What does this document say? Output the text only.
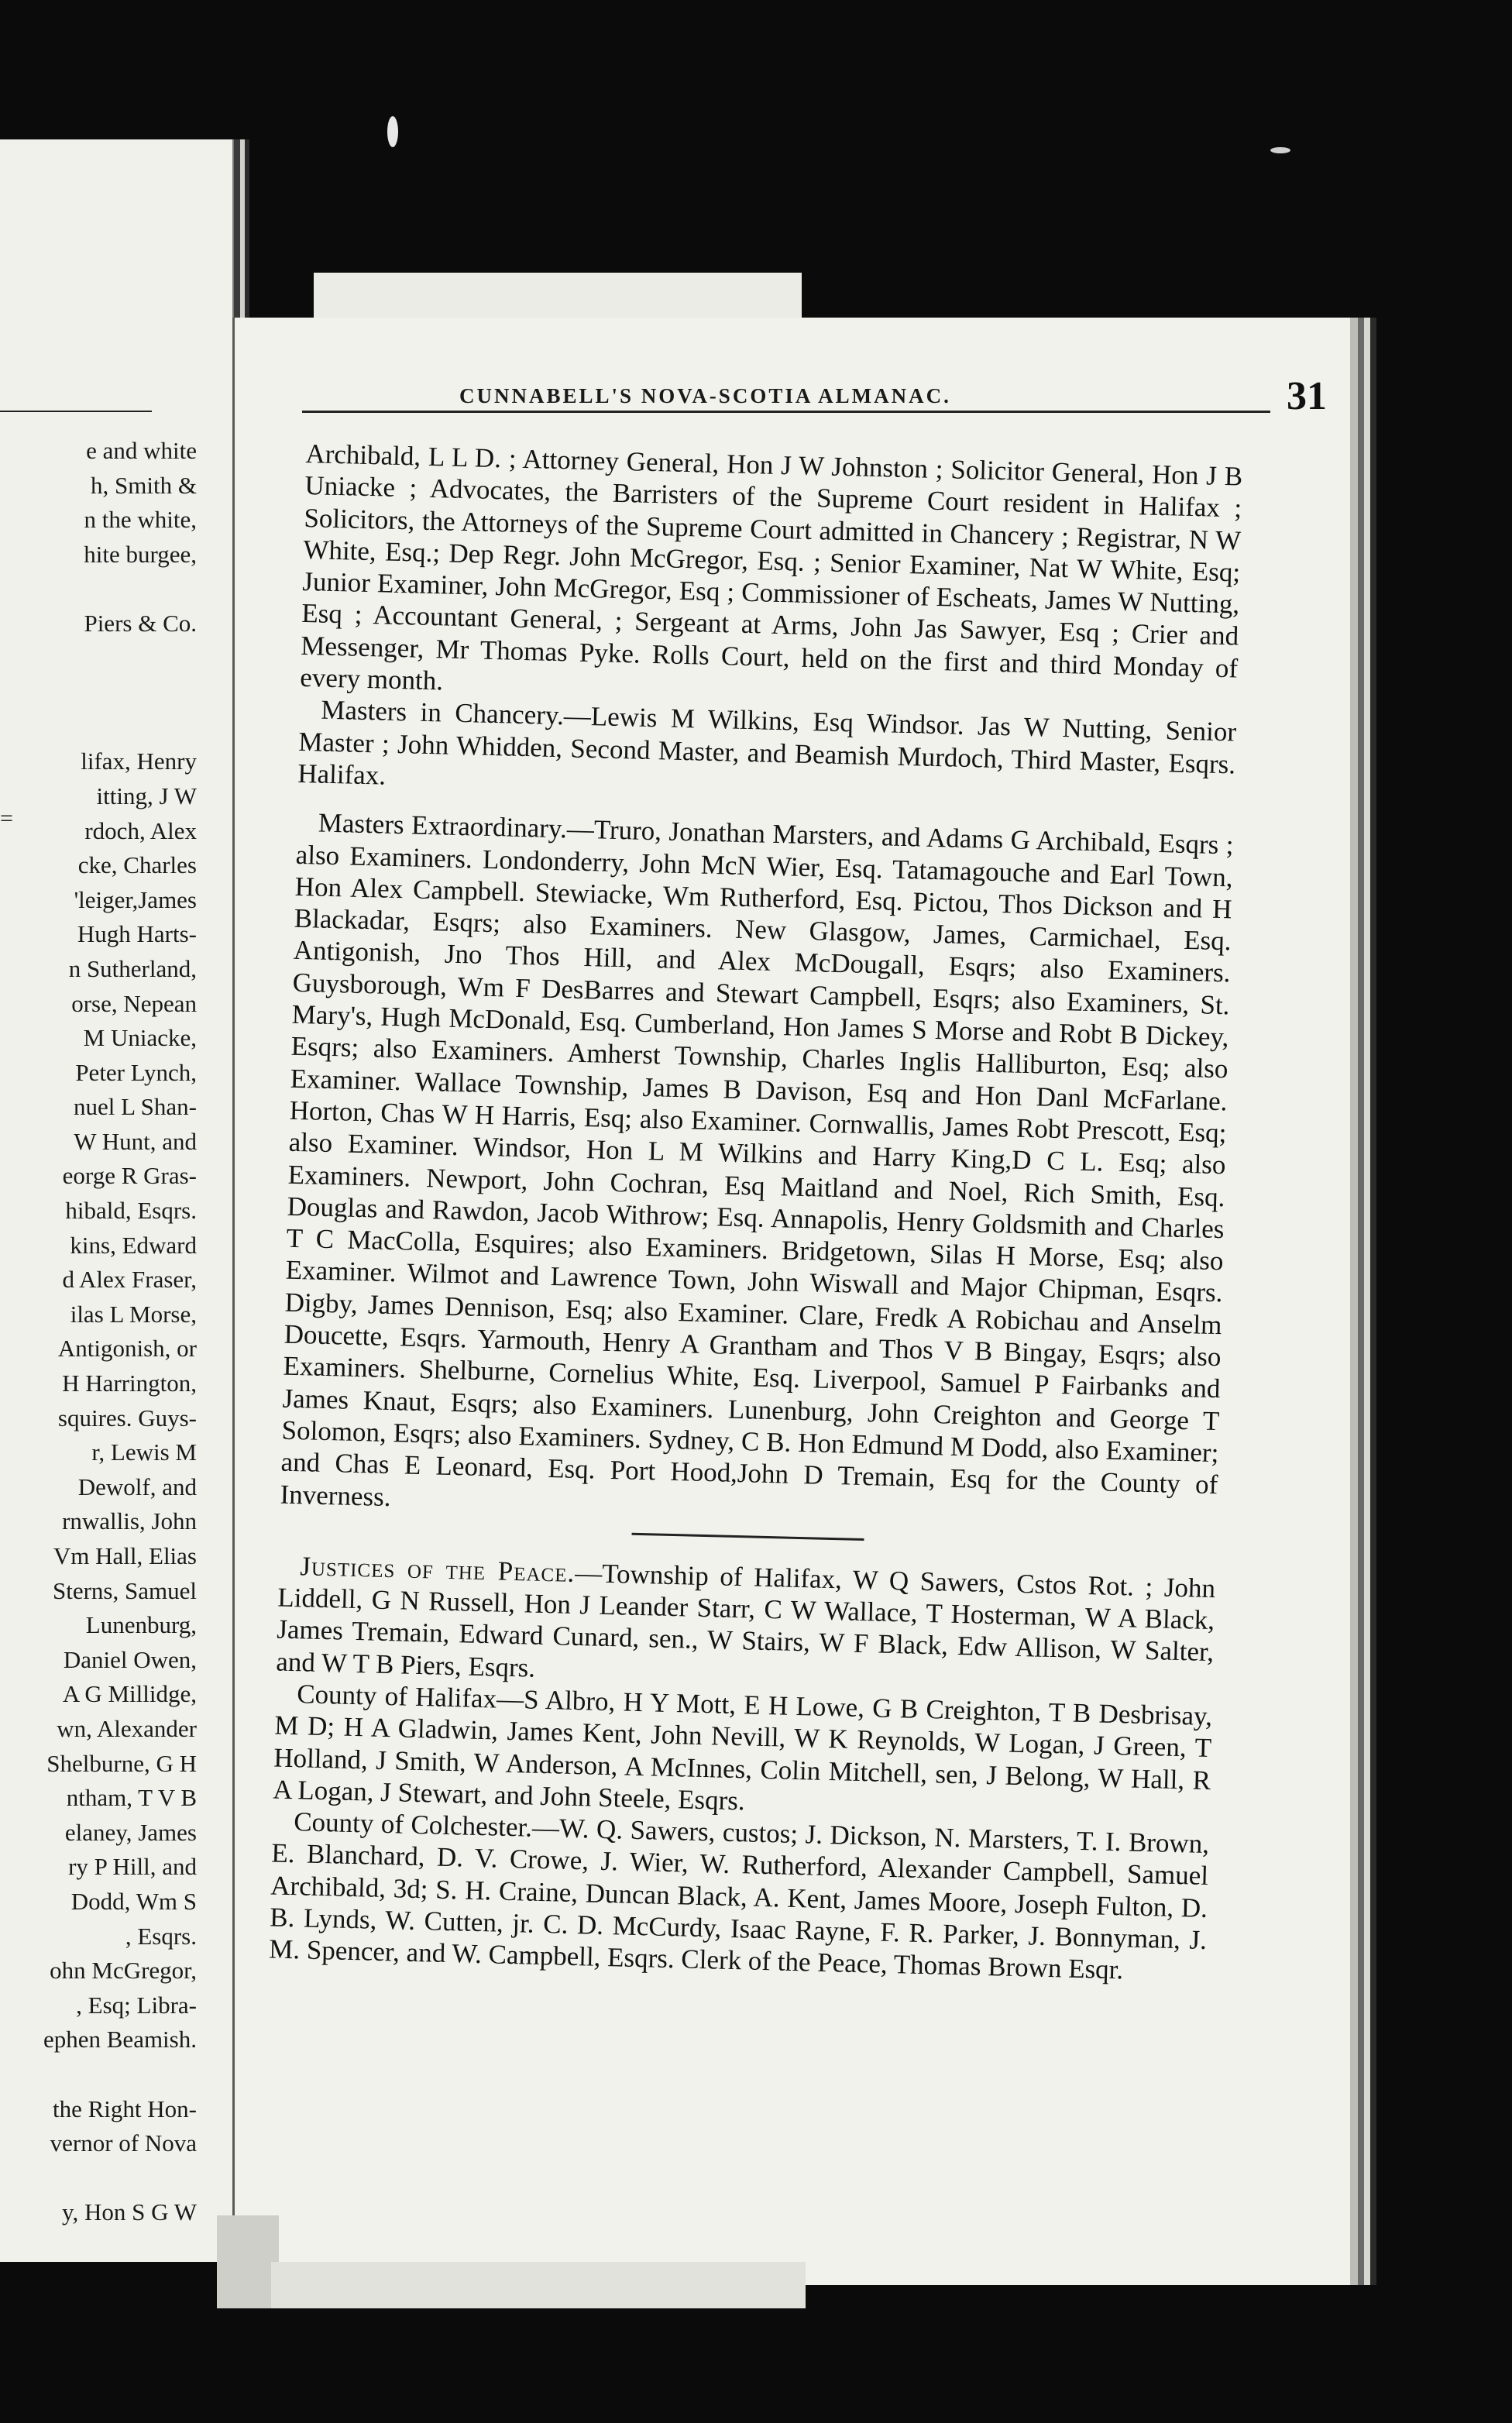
e and white
h, Smith &
n the white,
hite burgee,
Piers & Co.
lifax, Henry
itting, J W
rdoch, Alex
cke, Charles
'leiger,James
Hugh Harts-
n Sutherland,
orse, Nepean
M Uniacke,
Peter Lynch,
nuel L Shan-
W Hunt, and
eorge R Gras-
hibald, Esqrs.
kins, Edward
d Alex Fraser,
ilas L Morse,
Antigonish, or
H Harrington,
squires. Guys-
r, Lewis M
Dewolf, and
rnwallis, John
Vm Hall, Elias
Sterns, Samuel
Lunenburg,
Daniel Owen,
A G Millidge,
wn, Alexander
Shelburne, G H
ntham, T V B
elaney, James
ry P Hill, and
Dodd, Wm S
, Esqrs.
ohn McGregor,
, Esq; Libra-
ephen Beamish.
the Right Hon-
vernor of Nova
y, Hon S G W
=
CUNNABELL'S NOVA-SCOTIA ALMANAC.	31

Archibald, L L D. ; Attorney General, Hon J W Johnston ; Solicitor General, Hon J B Uniacke ; Advocates, the Barristers of the Supreme Court resident in Halifax ; Solicitors, the Attorneys of the Supreme Court admitted in Chancery ; Registrar, N W White, Esq.; Dep Regr. John McGregor, Esq. ; Senior Examiner, Nat W White, Esq; Junior Examiner, John McGregor, Esq ; Commissioner of Escheats, James W Nutting, Esq ; Accountant General, ; Sergeant at Arms, John Jas Sawyer, Esq ; Crier and Messenger, Mr Thomas Pyke. Rolls Court, held on the first and third Monday of every month.

Masters in Chancery.—Lewis M Wilkins, Esq Windsor. Jas W Nutting, Senior Master ; John Whidden, Second Master, and Beamish Murdoch, Third Master, Esqrs. Halifax.

Masters Extraordinary.—Truro, Jonathan Marsters, and Adams G Archibald, Esqrs ; also Examiners. Londonderry, John McN Wier, Esq. Tatamagouche and Earl Town, Hon Alex Campbell. Stewiacke, Wm Rutherford, Esq. Pictou, Thos Dickson and H Blackadar, Esqrs; also Examiners. New Glasgow, James, Carmichael, Esq. Antigonish, Jno Thos Hill, and Alex McDougall, Esqrs; also Examiners. Guysborough, Wm F DesBarres and Stewart Campbell, Esqrs; also Examiners, St. Mary's, Hugh McDonald, Esq. Cumberland, Hon James S Morse and Robt B Dickey, Esqrs; also Examiners. Amherst Township, Charles Inglis Halliburton, Esq; also Examiner. Wallace Township, James B Davison, Esq and Hon Danl McFarlane. Horton, Chas W H Harris, Esq; also Examiner. Cornwallis, James Robt Prescott, Esq; also Examiner. Windsor, Hon L M Wilkins and Harry King,D C L. Esq; also Examiners. Newport, John Cochran, Esq Maitland and Noel, Rich Smith, Esq. Douglas and Rawdon, Jacob Withrow; Esq. Annapolis, Henry Goldsmith and Charles T C MacColla, Esquires; also Examiners. Bridgetown, Silas H Morse, Esq; also Examiner. Wilmot and Lawrence Town, John Wiswall and Major Chipman, Esqrs. Digby, James Dennison, Esq; also Examiner. Clare, Fredk A Robichau and Anselm Doucette, Esqrs. Yarmouth, Henry A Grantham and Thos V B Bingay, Esqrs; also Examiners. Shelburne, Cornelius White, Esq. Liverpool, Samuel P Fairbanks and James Knaut, Esqrs; also Examiners. Lunenburg, John Creighton and George T Solomon, Esqrs; also Examiners. Sydney, C B. Hon Edmund M Dodd, also Examiner; and Chas E Leonard, Esq. Port Hood,John D Tremain, Esq for the County of Inverness.

Justices of the Peace.—Township of Halifax, W Q Sawers, Cstos Rot. ; John Liddell, G N Russell, Hon J Leander Starr, C W Wallace, T Hosterman, W A Black, James Tremain, Edward Cunard, sen., W Stairs, W F Black, Edw Allison, W Salter, and W T B Piers, Esqrs.

County of Halifax—S Albro, H Y Mott, E H Lowe, G B Creighton, T B Desbrisay, M D; H A Gladwin, James Kent, John Nevill, W K Reynolds, W Logan, J Green, T Holland, J Smith, W Anderson, A McInnes, Colin Mitchell, sen, J Belong, W Hall, R A Logan, J Stewart, and John Steele, Esqrs.

County of Colchester.—W. Q. Sawers, custos; J. Dickson, N. Marsters, T. I. Brown, E. Blanchard, D. V. Crowe, J. Wier, W. Rutherford, Alexander Campbell, Samuel Archibald, 3d; S. H. Craine, Duncan Black, A. Kent, James Moore, Joseph Fulton, D. B. Lynds, W. Cutten, jr. C. D. McCurdy, Isaac Rayne, F. R. Parker, J. Bonnyman, J. M. Spencer, and W. Campbell, Esqrs. Clerk of the Peace, Thomas Brown Esqr.
